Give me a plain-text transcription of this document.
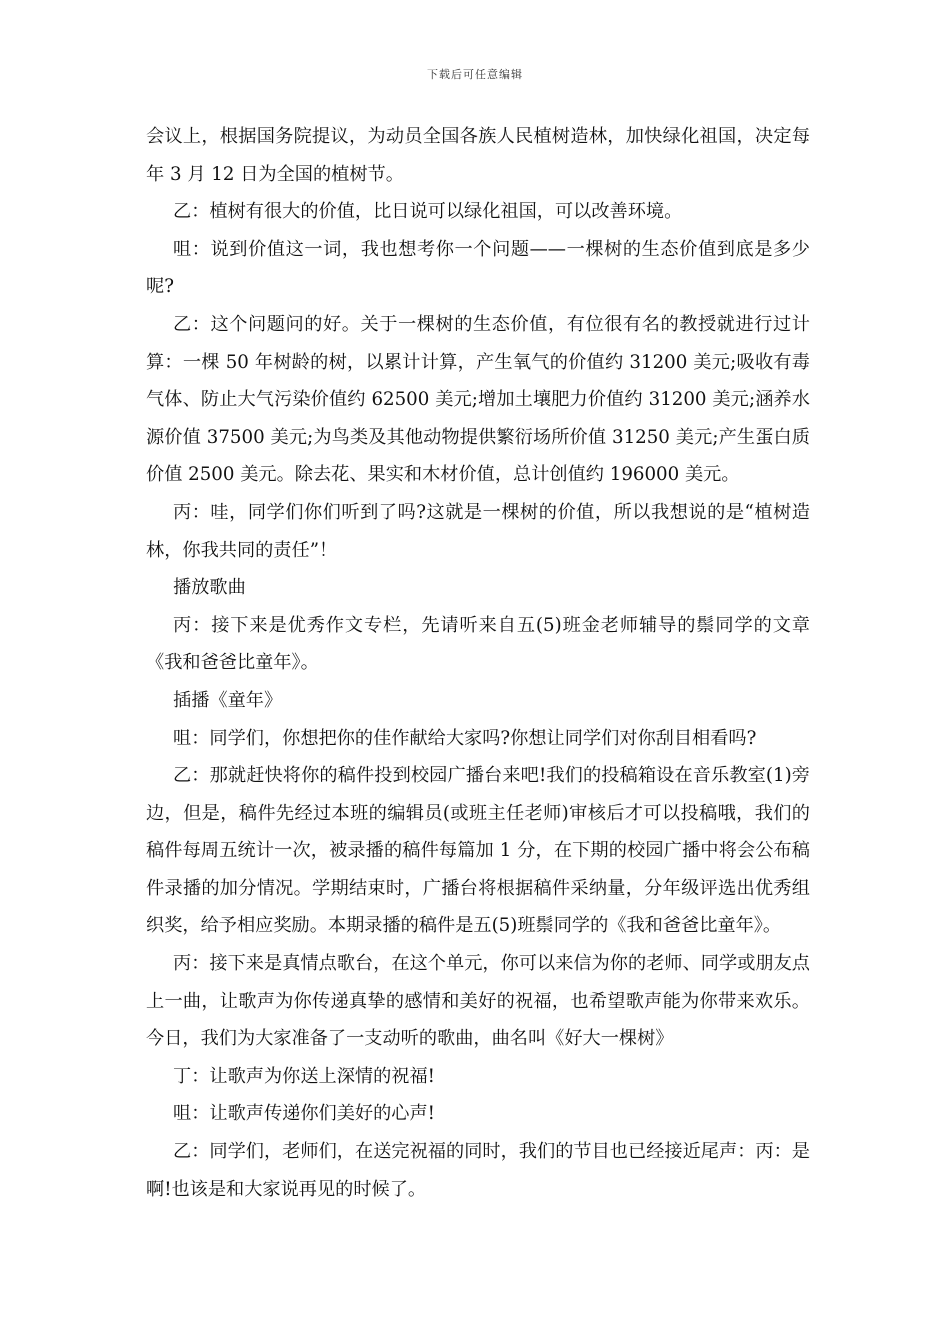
下载后可任意编辑

会议上，根据国务院提议，为动员全国各族人民植树造林，加快绿化祖国，决定每年 3 月 12 日为全国的植树节。

乙：植树有很大的价值，比日说可以绿化祖国，可以改善环境。

咀：说到价值这一词，我也想考你一个问题——一棵树的生态价值到底是多少呢?

乙：这个问题问的好。关于一棵树的生态价值，有位很有名的教授就进行过计算：一棵 50 年树龄的树，以累计计算，产生氧气的价值约 31200 美元;吸收有毒气体、防止大气污染价值约 62500 美元;增加土壤肥力价值约 31200 美元;涵养水源价值 37500 美元;为鸟类及其他动物提供繁衍场所价值 31250 美元;产生蛋白质价值 2500 美元。除去花、果实和木材价值，总计创值约 196000 美元。

丙：哇，同学们你们听到了吗?这就是一棵树的价值，所以我想说的是“植树造林，你我共同的责任”！

播放歌曲

丙：接下来是优秀作文专栏，先请听来自五(5)班金老师辅导的鬃同学的文章《我和爸爸比童年》。

插播《童年》

咀：同学们，你想把你的佳作献给大家吗?你想让同学们对你刮目相看吗?

乙：那就赶快将你的稿件投到校园广播台来吧!我们的投稿箱设在音乐教室(1)旁边，但是，稿件先经过本班的编辑员(或班主任老师)审核后才可以投稿哦，我们的稿件每周五统计一次，被录播的稿件每篇加 1 分，在下期的校园广播中将会公布稿件录播的加分情况。学期结束时，广播台将根据稿件采纳量，分年级评选出优秀组织奖，给予相应奖励。本期录播的稿件是五(5)班鬃同学的《我和爸爸比童年》。

丙：接下来是真情点歌台，在这个单元，你可以来信为你的老师、同学或朋友点上一曲，让歌声为你传递真挚的感情和美好的祝福，也希望歌声能为你带来欢乐。今日，我们为大家准备了一支动听的歌曲，曲名叫《好大一棵树》

丁：让歌声为你送上深情的祝福!

咀：让歌声传递你们美好的心声!

乙：同学们，老师们，在送完祝福的同时，我们的节目也已经接近尾声：丙：是啊!也该是和大家说再见的时候了。
